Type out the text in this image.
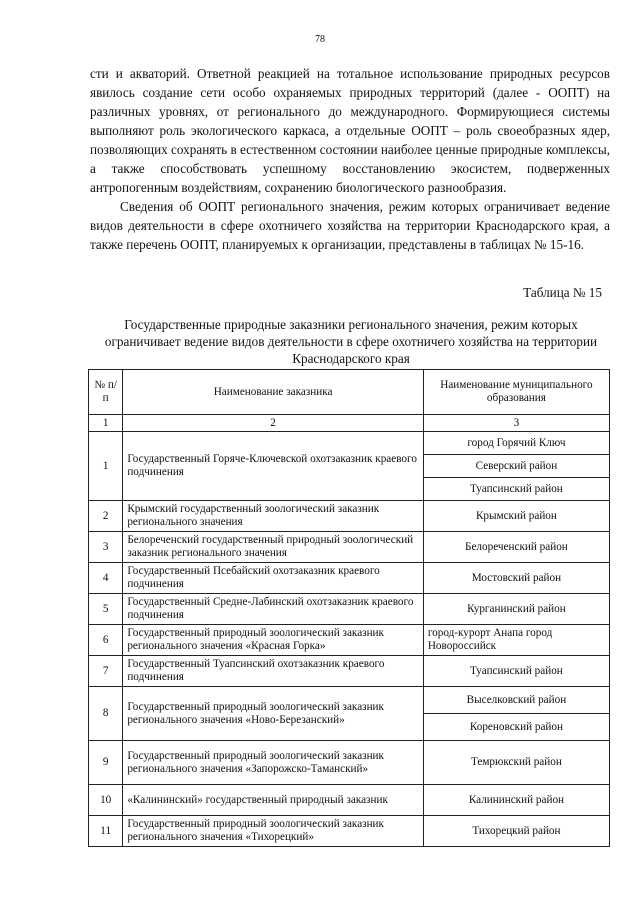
78

сти и акваторий. Ответной реакцией на тотальное использование природных ресурсов явилось создание сети особо охраняемых природных территорий (далее - ООПТ) на различных уровнях, от регионального до международного. Формирующиеся системы выполняют роль экологического каркаса, а отдельные ООПТ – роль своеобразных ядер, позволяющих сохранять в естественном состоянии наиболее ценные природные комплексы, а также способствовать успешному восстановлению экосистем, подверженных антропогенным воздействиям, сохранению биологического разнообразия.

Сведения об ООПТ регионального значения, режим которых ограничивает ведение видов деятельности в сфере охотничего хозяйства на территории Краснодарского края, а также перечень ООПТ, планируемых к организации, представлены в таблицах № 15-16.

Таблица № 15
Государственные природные заказники регионального значения, режим которых ограничивает ведение видов деятельности в сфере охотничего хозяйства на территории Краснодарского края
№ п/п	Наименование заказника	Наименование муниципального образования
1	2	3
1	Государственный Горяче-Ключевской охотзаказник краевого подчинения	город Горячий Ключ
		Северский район
		Туапсинский район
2	Крымский государственный зоологический заказник регионального значения	Крымский район
3	Белореченский государственный природный зоологический заказник регионального значения	Белореченский район
4	Государственный Псебайский охотзаказник краевого подчинения	Мостовский район
5	Государственный Средне-Лабинский охотзаказник краевого подчинения	Курганинский район
6	Государственный природный зоологический заказник регионального значения «Красная Горка»	город-курорт Анапа город Новороссийск
7	Государственный Туапсинский охотзаказник краевого подчинения	Туапсинский район
8	Государственный природный зоологический заказник регионального значения «Ново-Березанский»	Выселковский район
		Кореновский район
9	Государственный природный зоологический заказник регионального значения «Запорожско-Таманский»	Темрюкский район
10	«Калининский» государственный природный заказник	Калининский район
11	Государственный природный зоологический заказник регионального значения «Тихорецкий»	Тихорецкий район
